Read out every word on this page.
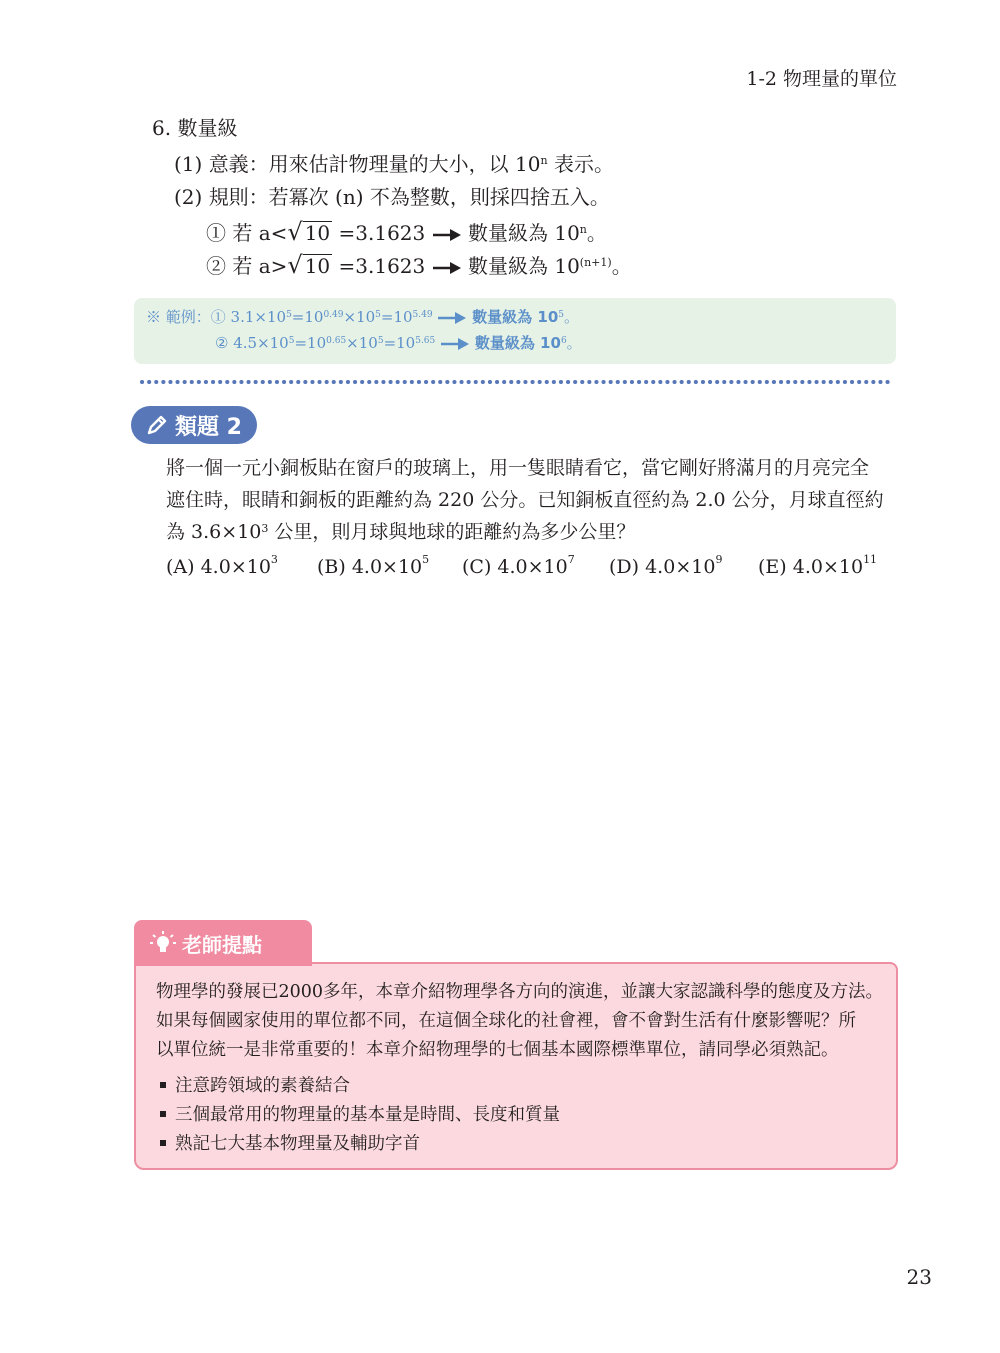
1-2 物理量的單位
6. 數量級
(1) 意義：用來估計物理量的大小，以 10$^n$ 表示。
(2) 規則：若冪次 (n) 不為整數，則採四捨五入。
① 若 a< √ 10 =3.1623 數量級為 10$^n$。
② 若 a> √ 10 =3.1623 數量級為 $10^{(n+1)}$。
※ 範例：① $3.1\times 10^5=10^{0.49}\times 10^5=10^{5.49}$	數量級為 $10^5$。
② $4.5\times 10^5=10^{0.65}\times 10^5=10^{5.65}$	數量級為 $10^6$。
類題 2
將一個一元小銅板貼在窗戶的玻璃上，用一隻眼睛看它，當它剛好將滿月的月亮完全
遮住時，眼睛和銅板的距離約為 220 公分。已知銅板直徑約為 2.0 公分，月球直徑約
為 $3.6\times 10^3$ 公里，則月球與地球的距離約為多少公里？
(A) $4.0\times 10^3$ (B) $4.0\times 10^5$ (C) $4.0\times 10^7$ (D) $4.0\times 10^9$ (E) $4.0\times 10^{11}$
老師提點
物理學的發展已2000多年，本章介紹物理學各方向的演進，並讓大家認識科學的態度及方法。
如果每個國家使用的單位都不同，在這個全球化的社會裡，會不會對生活有什麼影響呢？所
以單位統一是非常重要的！本章介紹物理學的七個基本國際標準單位，請同學必須熟記。
注意跨領域的素養結合
三個最常用的物理量的基本量是時間、長度和質量
熟記七大基本物理量及輔助字首
23
